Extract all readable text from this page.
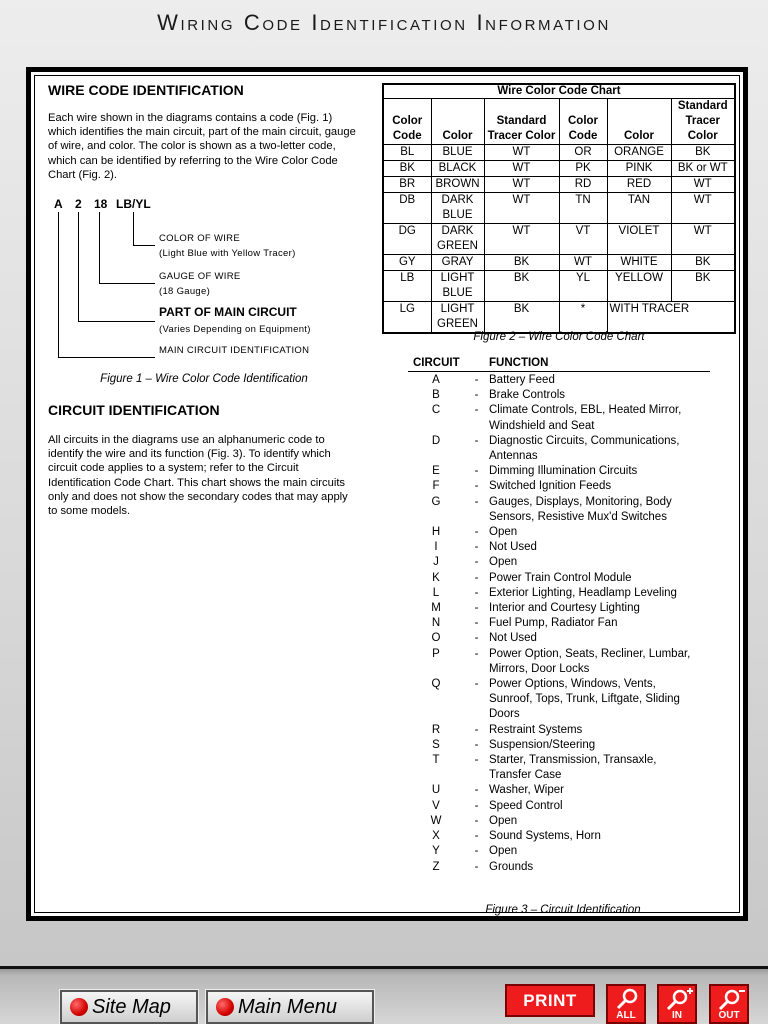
Wiring Code Identification Information
WIRE CODE IDENTIFICATION
Each wire shown in the diagrams contains a code (Fig. 1) which identifies the main circuit, part of the main circuit, gauge of wire, and color. The color is shown as a two-letter code, which can be identified by referring to the Wire Color Code Chart (Fig. 2).
A 2 18 LB/YL
COLOR OF WIRE
(Light Blue with Yellow Tracer)
GAUGE OF WIRE
(18 Gauge)
PART OF MAIN CIRCUIT
(Varies Depending on Equipment)
MAIN CIRCUIT IDENTIFICATION
Figure 1 – Wire Color Code Identification
CIRCUIT IDENTIFICATION
All circuits in the diagrams use an alphanumeric code to identify the wire and its function (Fig. 3). To identify which circuit code applies to a system; refer to the Circuit Identification Code Chart. This chart shows the main circuits only and does not show the secondary codes that may apply to some models.
Wire Color Code Chart					
Color Code	Color	Standard Tracer Color	Color Code	Color	Standard Tracer Color
BL	BLUE	WT	OR	ORANGE	BK
BK	BLACK	WT	PK	PINK	BK or WT
BR	BROWN	WT	RD	RED	WT
DB	DARK BLUE	WT	TN	TAN	WT
DG	DARK GREEN	WT	VT	VIOLET	WT
GY	GRAY	BK	WT	WHITE	BK
LB	LIGHT BLUE	BK	YL	YELLOW	BK
LG	LIGHT GREEN	BK	*	WITH TRACER	
Figure 2 – Wire Color Code Chart
CIRCUIT	FUNCTION
A	- Battery Feed
B	- Brake Controls
C	- Climate Controls, EBL, Heated Mirror,
Windshield and Seat
D	- Diagnostic Circuits, Communications,
Antennas
E	- Dimming Illumination Circuits
F	- Switched Ignition Feeds
G	- Gauges, Displays, Monitoring, Body
Sensors, Resistive Mux'd Switches
H	- Open
I	- Not Used
J	- Open
K	- Power Train Control Module
L	- Exterior Lighting, Headlamp Leveling
M	- Interior and Courtesy Lighting
N	- Fuel Pump, Radiator Fan
O	- Not Used
P	- Power Option, Seats, Recliner, Lumbar,
Mirrors, Door Locks
Q	- Power Options, Windows, Vents,
Sunroof, Tops, Trunk, Liftgate, Sliding
Doors
R	- Restraint Systems
S	- Suspension/Steering
T	- Starter, Transmission, Transaxle,
Transfer Case
U	- Washer, Wiper
V	- Speed Control
W	- Open
X	- Sound Systems, Horn
Y	- Open
Z	- Grounds
Figure 3 – Circuit Identification
Site Map	Main Menu	PRINT
ALL	IN	OUT
